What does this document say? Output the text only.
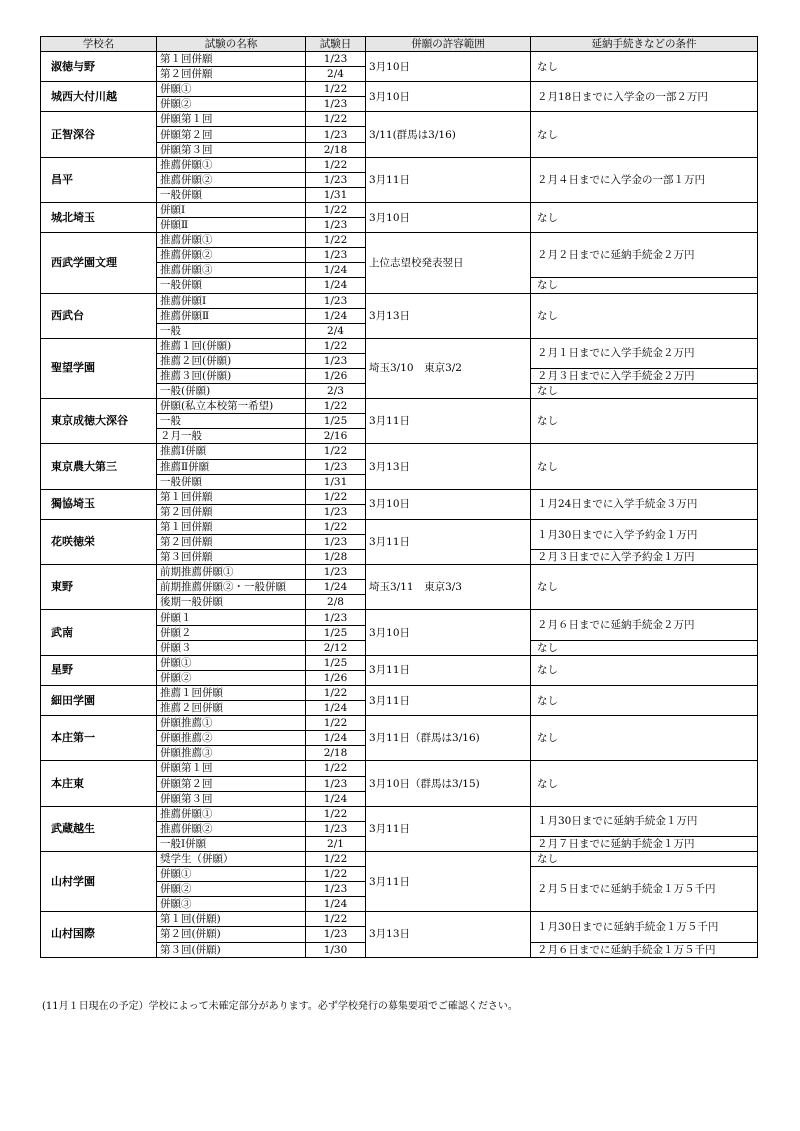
学校名	試験の名称	試験日	併願の許容範囲	延納手続きなどの条件
淑徳与野	第１回併願	1/23	3月10日	なし
	第２回併願	2/4		
城西大付川越	併願①	1/22	3月10日	２月18日までに入学金の一部２万円
	併願②	1/23		
正智深谷	併願第１回	1/22	3/11(群馬は3/16)	なし
	併願第２回	1/23		
	併願第３回	2/18		
昌平	推薦併願①	1/22	3月11日	２月４日までに入学金の一部１万円
	推薦併願②	1/23		
	一般併願	1/31		
城北埼玉	併願Ⅰ	1/22	3月10日	なし
	併願Ⅱ	1/23		
西武学園文理	推薦併願①	1/22	上位志望校発表翌日	２月２日までに延納手続金２万円
	推薦併願②	1/23		
	推薦併願③	1/24		
	一般併願	1/24		なし
西武台	推薦併願Ⅰ	1/23	3月13日	なし
	推薦併願Ⅱ	1/24		
	一般	2/4		
聖望学園	推薦１回(併願)	1/22	埼玉3/10　東京3/2	２月１日までに入学手続金２万円
	推薦２回(併願)	1/23		
	推薦３回(併願)	1/26		２月３日までに入学手続金２万円
	一般(併願)	2/3		なし
東京成徳大深谷	併願(私立本校第一希望)	1/22	3月11日	なし
	一般	1/25		
	２月一般	2/16		
東京農大第三	推薦Ⅰ併願	1/22	3月13日	なし
	推薦Ⅱ併願	1/23		
	一般併願	1/31		
獨協埼玉	第１回併願	1/22	3月10日	１月24日までに入学手続金３万円
	第２回併願	1/23		
花咲徳栄	第１回併願	1/22	3月11日	１月30日までに入学予約金１万円
	第２回併願	1/23		
	第３回併願	1/28		２月３日までに入学予約金１万円
東野	前期推薦併願①	1/23	埼玉3/11　東京3/3	なし
	前期推薦併願②・一般併願	1/24		
	後期一般併願	2/8		
武南	併願１	1/23	3月10日	２月６日までに延納手続金２万円
	併願２	1/25		
	併願３	2/12		なし
星野	併願①	1/25	3月11日	なし
	併願②	1/26		
細田学園	推薦１回併願	1/22	3月11日	なし
	推薦２回併願	1/24		
本庄第一	併願推薦①	1/22	3月11日（群馬は3/16)	なし
	併願推薦②	1/24		
	併願推薦③	2/18		
本庄東	併願第１回	1/22	3月10日（群馬は3/15)	なし
	併願第２回	1/23		
	併願第３回	1/24		
武蔵越生	推薦併願①	1/22	3月11日	１月30日までに延納手続金１万円
	推薦併願②	1/23		
	一般Ⅰ併願	2/1		２月７日までに延納手続金１万円
山村学園	奨学生（併願）	1/22	3月11日	なし
	併願①	1/22		２月５日までに延納手続金１万５千円
	併願②	1/23		
	併願③	1/24		
山村国際	第１回(併願)	1/22	3月13日	１月30日までに延納手続金１万５千円
	第２回(併願)	1/23		
	第３回(併願)	1/30		２月６日までに延納手続金１万５千円
(11月１日現在の予定）学校によって未確定部分があります。必ず学校発行の募集要項でご確認ください。
